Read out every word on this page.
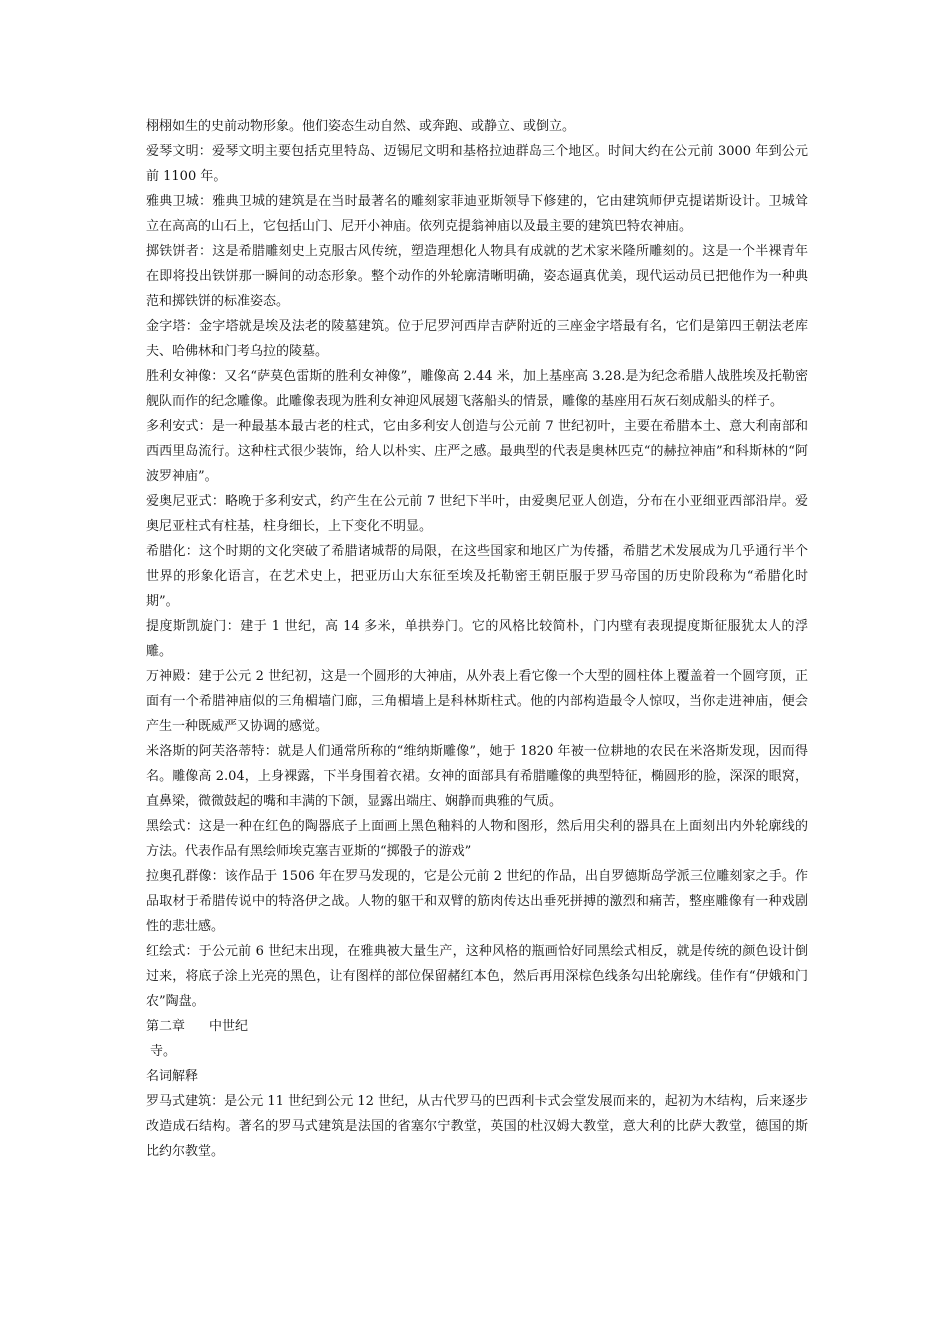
栩栩如生的史前动物形象。他们姿态生动自然、或奔跑、或静立、或倒立。

爱琴文明：爱琴文明主要包括克里特岛、迈锡尼文明和基格拉迪群岛三个地区。时间大约在公元前 3000 年到公元前 1100 年。

雅典卫城：雅典卫城的建筑是在当时最著名的雕刻家菲迪亚斯领导下修建的，它由建筑师伊克提诺斯设计。卫城耸立在高高的山石上，它包括山门、尼开小神庙。依列克提翁神庙以及最主要的建筑巴特农神庙。

掷铁饼者：这是希腊雕刻史上克服古风传统，塑造理想化人物具有成就的艺术家米隆所雕刻的。这是一个半裸青年在即将投出铁饼那一瞬间的动态形象。整个动作的外轮廓清晰明确，姿态逼真优美，现代运动员已把他作为一种典范和掷铁饼的标准姿态。

金字塔：金字塔就是埃及法老的陵墓建筑。位于尼罗河西岸吉萨附近的三座金字塔最有名，它们是第四王朝法老库夫、哈佛林和门考乌拉的陵墓。

胜利女神像：又名“萨莫色雷斯的胜利女神像”，雕像高 2.44 米，加上基座高 3.28.是为纪念希腊人战胜埃及托勒密舰队而作的纪念雕像。此雕像表现为胜利女神迎风展翅飞落船头的情景，雕像的基座用石灰石刻成船头的样子。

多利安式：是一种最基本最古老的柱式，它由多利安人创造与公元前 7 世纪初叶，主要在希腊本土、意大利南部和西西里岛流行。这种柱式很少装饰，给人以朴实、庄严之感。最典型的代表是奥林匹克“的赫拉神庙”和科斯林的“阿波罗神庙”。

爱奥尼亚式：略晚于多利安式，约产生在公元前 7 世纪下半叶，由爱奥尼亚人创造，分布在小亚细亚西部沿岸。爱奥尼亚柱式有柱基，柱身细长，上下变化不明显。

希腊化：这个时期的文化突破了希腊诸城帮的局限，在这些国家和地区广为传播，希腊艺术发展成为几乎通行半个世界的形象化语言，在艺术史上，把亚历山大东征至埃及托勒密王朝臣服于罗马帝国的历史阶段称为“希腊化时期”。

提度斯凯旋门：建于 1 世纪，高 14 多米，单拱券门。它的风格比较简朴，门内壁有表现提度斯征服犹太人的浮雕。

万神殿：建于公元 2 世纪初，这是一个圆形的大神庙，从外表上看它像一个大型的圆柱体上覆盖着一个圆穹顶，正面有一个希腊神庙似的三角楣墙门廊，三角楣墙上是科林斯柱式。他的内部构造最令人惊叹，当你走进神庙，便会产生一种既威严又协调的感觉。

米洛斯的阿芙洛蒂特：就是人们通常所称的“维纳斯雕像”，她于 1820 年被一位耕地的农民在米洛斯发现，因而得名。雕像高 2.04，上身裸露，下半身围着衣裙。女神的面部具有希腊雕像的典型特征，椭圆形的脸，深深的眼窝，直鼻梁，微微鼓起的嘴和丰满的下颌，显露出端庄、娴静而典雅的气质。

黑绘式：这是一种在红色的陶器底子上面画上黑色釉料的人物和图形，然后用尖利的器具在上面刻出内外轮廓线的方法。代表作品有黑绘师埃克塞吉亚斯的“掷骰子的游戏”

拉奥孔群像：该作品于 1506 年在罗马发现的，它是公元前 2 世纪的作品，出自罗德斯岛学派三位雕刻家之手。作品取材于希腊传说中的特洛伊之战。人物的躯干和双臂的筋肉传达出垂死拼搏的激烈和痛苦，整座雕像有一种戏剧性的悲壮感。

红绘式：于公元前 6 世纪末出现，在雅典被大量生产，这种风格的瓶画恰好同黑绘式相反，就是传统的颜色设计倒过来，将底子涂上光亮的黑色，让有图样的部位保留赭红本色，然后再用深棕色线条勾出轮廓线。佳作有“伊娥和门农”陶盘。

第二章 中世纪

寺。

名词解释

罗马式建筑：是公元 11 世纪到公元 12 世纪，从古代罗马的巴西利卡式会堂发展而来的，起初为木结构，后来逐步改造成石结构。著名的罗马式建筑是法国的省塞尔宁教堂，英国的杜汉姆大教堂，意大利的比萨大教堂，德国的斯比约尔教堂。
